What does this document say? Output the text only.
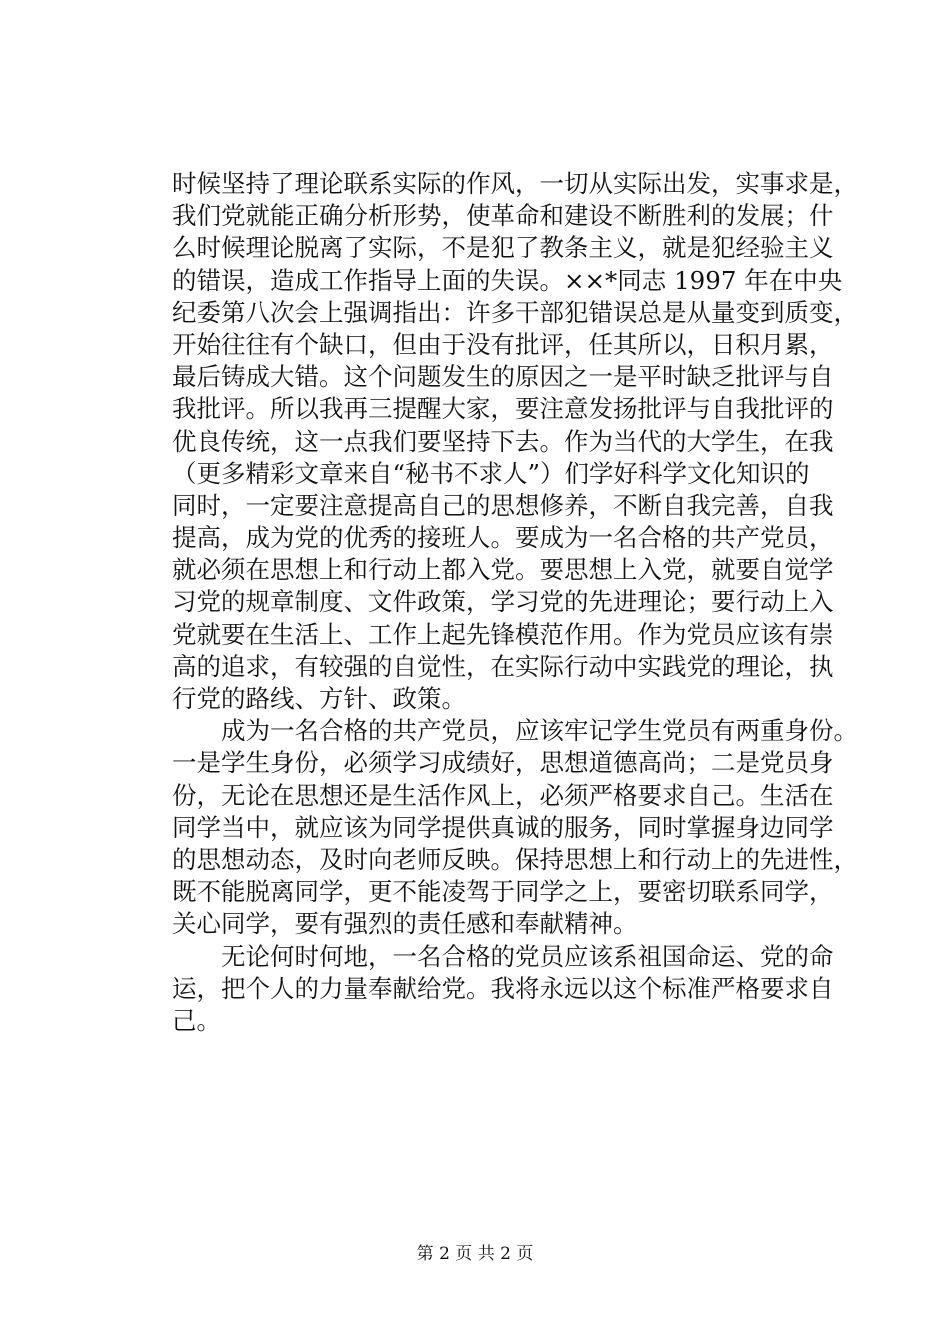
时候坚持了理论联系实际的作风，一切从实际出发，实事求是，
我们党就能正确分析形势，使革命和建设不断胜利的发展；什
么时候理论脱离了实际，不是犯了教条主义，就是犯经验主义
的错误，造成工作指导上面的失误。××*同志 1997 年在中央
纪委第八次会上强调指出：许多干部犯错误总是从量变到质变，
开始往往有个缺口，但由于没有批评，任其所以，日积月累，
最后铸成大错。这个问题发生的原因之一是平时缺乏批评与自
我批评。所以我再三提醒大家，要注意发扬批评与自我批评的
优良传统，这一点我们要坚持下去。作为当代的大学生，在我
（更多精彩文章来自“秘书不求人”）们学好科学文化知识的
同时，一定要注意提高自己的思想修养，不断自我完善，自我
提高，成为党的优秀的接班人。要成为一名合格的共产党员，
就必须在思想上和行动上都入党。要思想上入党，就要自觉学
习党的规章制度、文件政策，学习党的先进理论；要行动上入
党就要在生活上、工作上起先锋模范作用。作为党员应该有崇
高的追求，有较强的自觉性，在实际行动中实践党的理论，执
行党的路线、方针、政策。
　　成为一名合格的共产党员，应该牢记学生党员有两重身份。
一是学生身份，必须学习成绩好，思想道德高尚；二是党员身
份，无论在思想还是生活作风上，必须严格要求自己。生活在
同学当中，就应该为同学提供真诚的服务，同时掌握身边同学
的思想动态，及时向老师反映。保持思想上和行动上的先进性，
既不能脱离同学，更不能凌驾于同学之上，要密切联系同学，
关心同学，要有强烈的责任感和奉献精神。
　　无论何时何地，一名合格的党员应该系祖国命运、党的命
运，把个人的力量奉献给党。我将永远以这个标准严格要求自
己。
第 2 页 共 2 页
